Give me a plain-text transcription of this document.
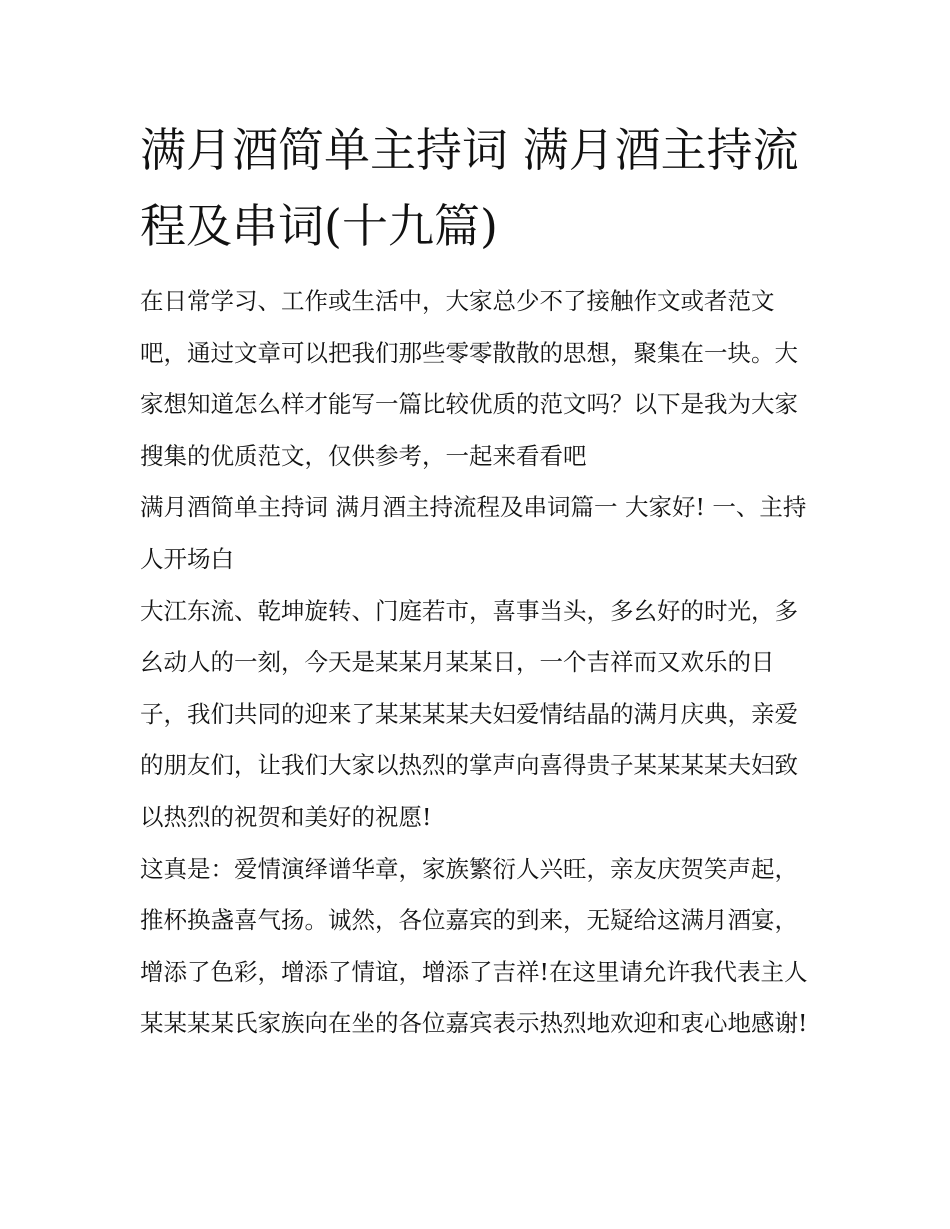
满月酒简单主持词 满月酒主持流程及串词(十九篇)

在日常学习、工作或生活中，大家总少不了接触作文或者范文吧，通过文章可以把我们那些零零散散的思想，聚集在一块。大家想知道怎么样才能写一篇比较优质的范文吗？以下是我为大家搜集的优质范文，仅供参考，一起来看看吧

满月酒简单主持词 满月酒主持流程及串词篇一 大家好! 一、主持人开场白

大江东流、乾坤旋转、门庭若市，喜事当头，多幺好的时光，多幺动人的一刻，今天是某某月某某日，一个吉祥而又欢乐的日子，我们共同的迎来了某某某某夫妇爱情结晶的满月庆典，亲爱的朋友们，让我们大家以热烈的掌声向喜得贵子某某某某夫妇致以热烈的祝贺和美好的祝愿!

这真是：爱情演绎谱华章，家族繁衍人兴旺，亲友庆贺笑声起，推杯换盏喜气扬。诚然，各位嘉宾的到来，无疑给这满月酒宴，增添了色彩，增添了情谊，增添了吉祥!在这里请允许我代表主人某某某某氏家族向在坐的各位嘉宾表示热烈地欢迎和衷心地感谢!
